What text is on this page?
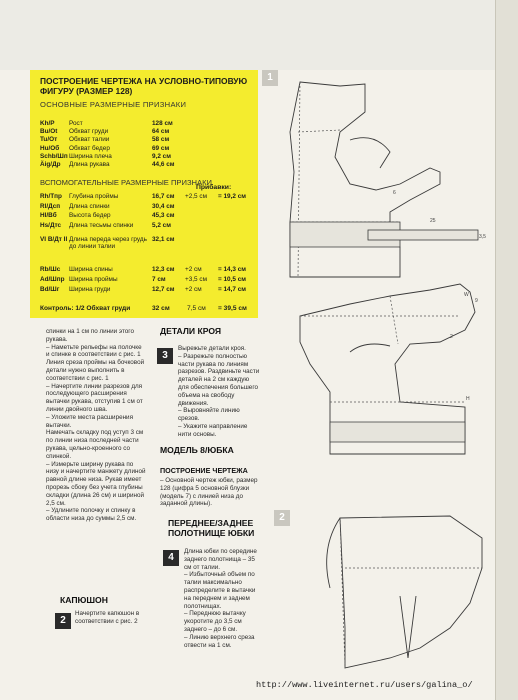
ПОСТРОЕНИЕ ЧЕРТЕЖА НА УСЛОВНО-ТИПОВУЮ ФИГУРУ (РАЗМЕР 128)
ОСНОВНЫЕ РАЗМЕРНЫЕ ПРИЗНАКИ
Kh/P Рост	128 см
Bu/Ot Обхват груди	64 см
Tu/От Обхват талии	58 см
Hu/Об Обхват бедер	69 см
Schb/Шп Ширина плеча	9,2 см
Äig/Др Длина рукава	44,6 см
ВСПОМОГАТЕЛЬНЫЕ РАЗМЕРНЫЕ ПРИЗНАКИ
Прибавки:
Rh/Тпр Глубина проймы	16,7 см +2,5 см = 19,2 см
Rl/Дсп Длина спинки	30,4 см
Hl/Вб Высота бедер	45,3 см
Hs/Дтс Длина тесьмы спинки	5,2 см
VI B/Дт II Длина переда через грудь до линии талии
32,1 см
Rb/Шс Ширина спины	12,3 см +2 см	= 14,3 см
Ad/Шпр Ширина проймы	7 см	+3,5 см = 10,5 см
Bd/Шг Ширина груди	12,7 см +2 см	= 14,7 см
Контроль: 1/2 Обхват груди	32 см	7,5 см = 39,5 см
спинки на 1 см по линии этого рукава.
– Наметьте рельефы на полочке и спинке в соответствии с рис. 1
Линия среза проймы на бочковой детали нужно выполнить в соответствии с рис. 1
– Начертите линии разрезов для последующего расширения вытачки рукава, отступив 1 см от линии двойного шва.
– Уложите места расширения вытачки.
Намечать складку под уступ 3 см по линии низа последней части рукава, цельно-кроенного со спинкой.
– Измерьте ширину рукава по низу и начертите манжету длиной равной длине низа. Рукав имеет прорезь сбоку без учета глубины складки (длина 26 см) и шириной 2,5 см.
– Удлините полочку и спинку в области низа до суммы 2,5 см.
КАПЮШОН
2
Начертите капюшон в соответствии с рис. 2
ДЕТАЛИ КРОЯ
3
Вырежьте детали кроя.
– Разрежьте полностью части рукава по линиям разрезов. Раздвиньте части деталей на 2 см каждую для обеспечения большего объема на свободу движения.
– Выровняйте линию срезов.
– Укажите направление нити основы.
МОДЕЛЬ 8/ЮБКА
ПОСТРОЕНИЕ ЧЕРТЕЖА
– Основной чертеж юбки, размер 128 (цифра 5 основной блузки (модель 7) с линией низа до заданной длины).
ПЕРЕДНЕЕ/ЗАДНЕЕ ПОЛОТНИЩЕ ЮБКИ
4
Длина юбки по середине заднего полотнища – 35 см от талии.
– Избыточный объем по талии максимально распределите в вытачки на переднем и заднем полотнищах.
– Переднюю вытачку укоротите до 3,5 см заднего – до 6 см.
– Линию верхнего среза отвести на 1 см.
1
2
25
3,5
6
W
9
H
2
http://www.liveinternet.ru/users/galina_o/
